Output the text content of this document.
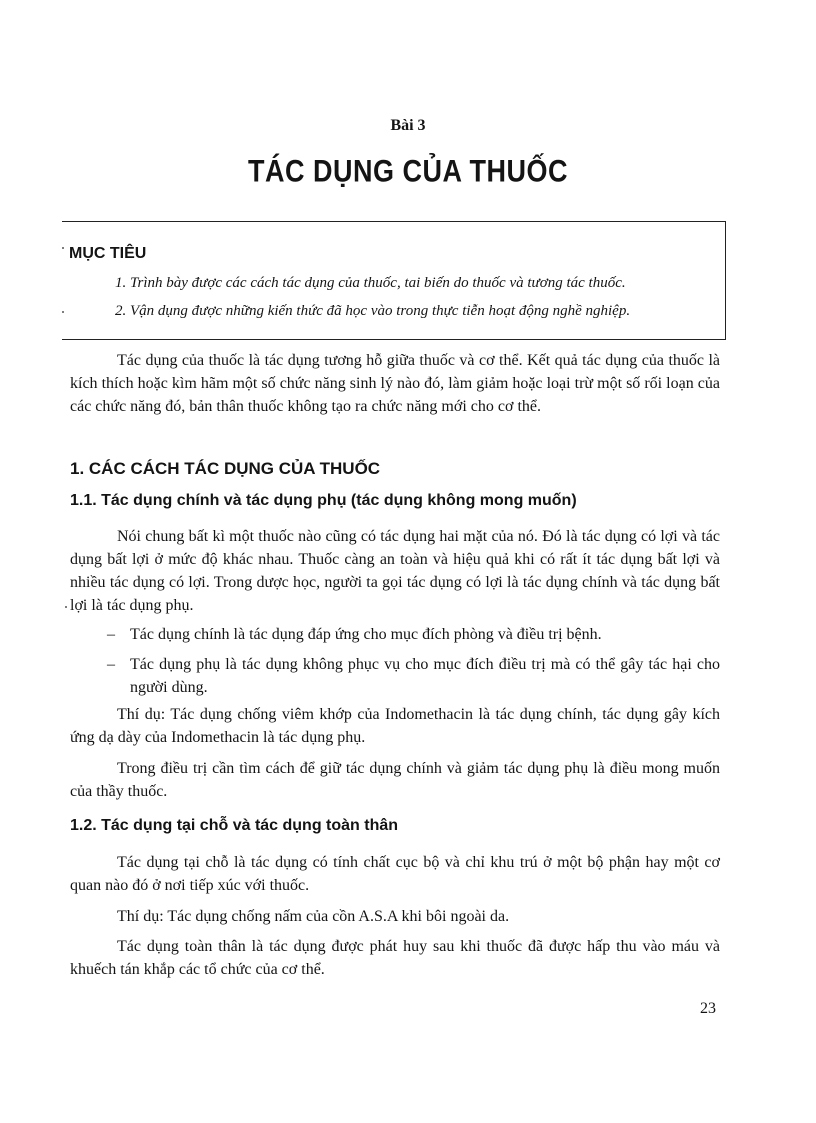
Bài 3
TÁC DỤNG CỦA THUỐC
MỤC TIÊU
1. Trình bày được các cách tác dụng của thuốc, tai biến do thuốc và tương tác thuốc.
2. Vận dụng được những kiến thức đã học vào trong thực tiễn hoạt động nghề nghiệp.

Tác dụng của thuốc là tác dụng tương hỗ giữa thuốc và cơ thể. Kết quả tác dụng của thuốc là kích thích hoặc kìm hãm một số chức năng sinh lý nào đó, làm giảm hoặc loại trừ một số rối loạn của các chức năng đó, bản thân thuốc không tạo ra chức năng mới cho cơ thể.

1. CÁC CÁCH TÁC DỤNG CỦA THUỐC
1.1. Tác dụng chính và tác dụng phụ (tác dụng không mong muốn)

Nói chung bất kì một thuốc nào cũng có tác dụng hai mặt của nó. Đó là tác dụng có lợi và tác dụng bất lợi ở mức độ khác nhau. Thuốc càng an toàn và hiệu quả khi có rất ít tác dụng bất lợi và nhiều tác dụng có lợi. Trong dược học, người ta gọi tác dụng có lợi là tác dụng chính và tác dụng bất lợi là tác dụng phụ.

– Tác dụng chính là tác dụng đáp ứng cho mục đích phòng và điều trị bệnh.
– Tác dụng phụ là tác dụng không phục vụ cho mục đích điều trị mà có thể gây tác hại cho người dùng.

Thí dụ: Tác dụng chống viêm khớp của Indomethacin là tác dụng chính, tác dụng gây kích ứng dạ dày của Indomethacin là tác dụng phụ.

Trong điều trị cần tìm cách để giữ tác dụng chính và giảm tác dụng phụ là điều mong muốn của thầy thuốc.

1.2. Tác dụng tại chỗ và tác dụng toàn thân

Tác dụng tại chỗ là tác dụng có tính chất cục bộ và chỉ khu trú ở một bộ phận hay một cơ quan nào đó ở nơi tiếp xúc với thuốc.

Thí dụ: Tác dụng chống nấm của cồn A.S.A khi bôi ngoài da.

Tác dụng toàn thân là tác dụng được phát huy sau khi thuốc đã được hấp thu vào máu và khuếch tán khắp các tổ chức của cơ thể.

23
